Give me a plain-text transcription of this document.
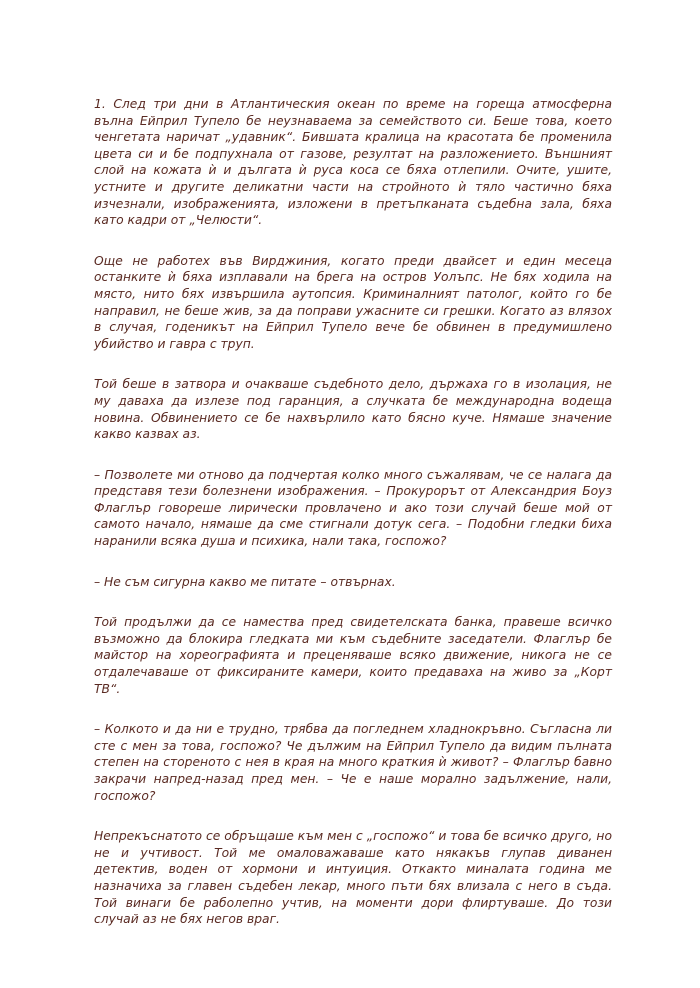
1. След три дни в Атлантическия океан по време на гореща атмосферна вълна Ейприл Тупело бе неузнаваема за семейството си. Беше това, което ченгетата наричат „удавник“. Бившата кралица на красотата бе променила цвета си и бе подпухнала от газове, резултат на разложението. Външният слой на кожата ѝ и дългата ѝ руса коса се бяха отлепили. Очите, ушите, устните и другите деликатни части на стройното ѝ тяло частично бяха изчезнали, изображенията, изложени в претъпканата съдебна зала, бяха като кадри от „Челюсти“.

Още не работех във Вирджиния, когато преди двайсет и един месеца останките ѝ бяха изплавали на брега на остров Уолъпс. Не бях ходила на място, нито бях извършила аутопсия. Криминалният патолог, който го бе направил, не беше жив, за да поправи ужасните си грешки. Когато аз влязох в случая, годеникът на Ейприл Тупело вече бе обвинен в предумишлено убийство и гавра с труп.

Той беше в затвора и очакваше съдебното дело, държаха го в изолация, не му даваха да излезе под гаранция, а случката бе международна водеща новина. Обвинението се бе нахвърлило като бясно куче. Нямаше значение какво казвах аз.

– Позволете ми отново да подчертая колко много съжалявам, че се налага да представя тези болезнени изображения. – Прокурорът от Александрия Боуз Флаглър говореше лирически провлачено и ако този случай беше мой от самото начало, нямаше да сме стигнали дотук сега. – Подобни гледки биха наранили всяка душа и психика, нали така, госпожо?

– Не съм сигурна какво ме питате – отвърнах.

Той продължи да се намества пред свидетелската банка, правеше всичко възможно да блокира гледката ми към съдебните заседатели. Флаглър бе майстор на хореографията и преценяваше всяко движение, никога не се отдалечаваше от фиксираните камери, които предаваха на живо за „Корт ТВ“.

– Колкото и да ни е трудно, трябва да погледнем хладнокръвно. Съгласна ли сте с мен за това, госпожо? Че дължим на Ейприл Тупело да видим пълната степен на стореното с нея в края на много краткия ѝ живот? – Флаглър бавно закрачи напред-назад пред мен. – Че е наше морално задължение, нали, госпожо?

Непрекъснатото се обръщаше към мен с „госпожо“ и това бе всичко друго, но не и учтивост. Той ме омаловажаваше като някакъв глупав диванен детектив, воден от хормони и интуиция. Откакто миналата година ме назначиха за главен съдебен лекар, много пъти бях влизала с него в съда. Той винаги бе раболепно учтив, на моменти дори флиртуваше. До този случай аз не бях негов враг.
